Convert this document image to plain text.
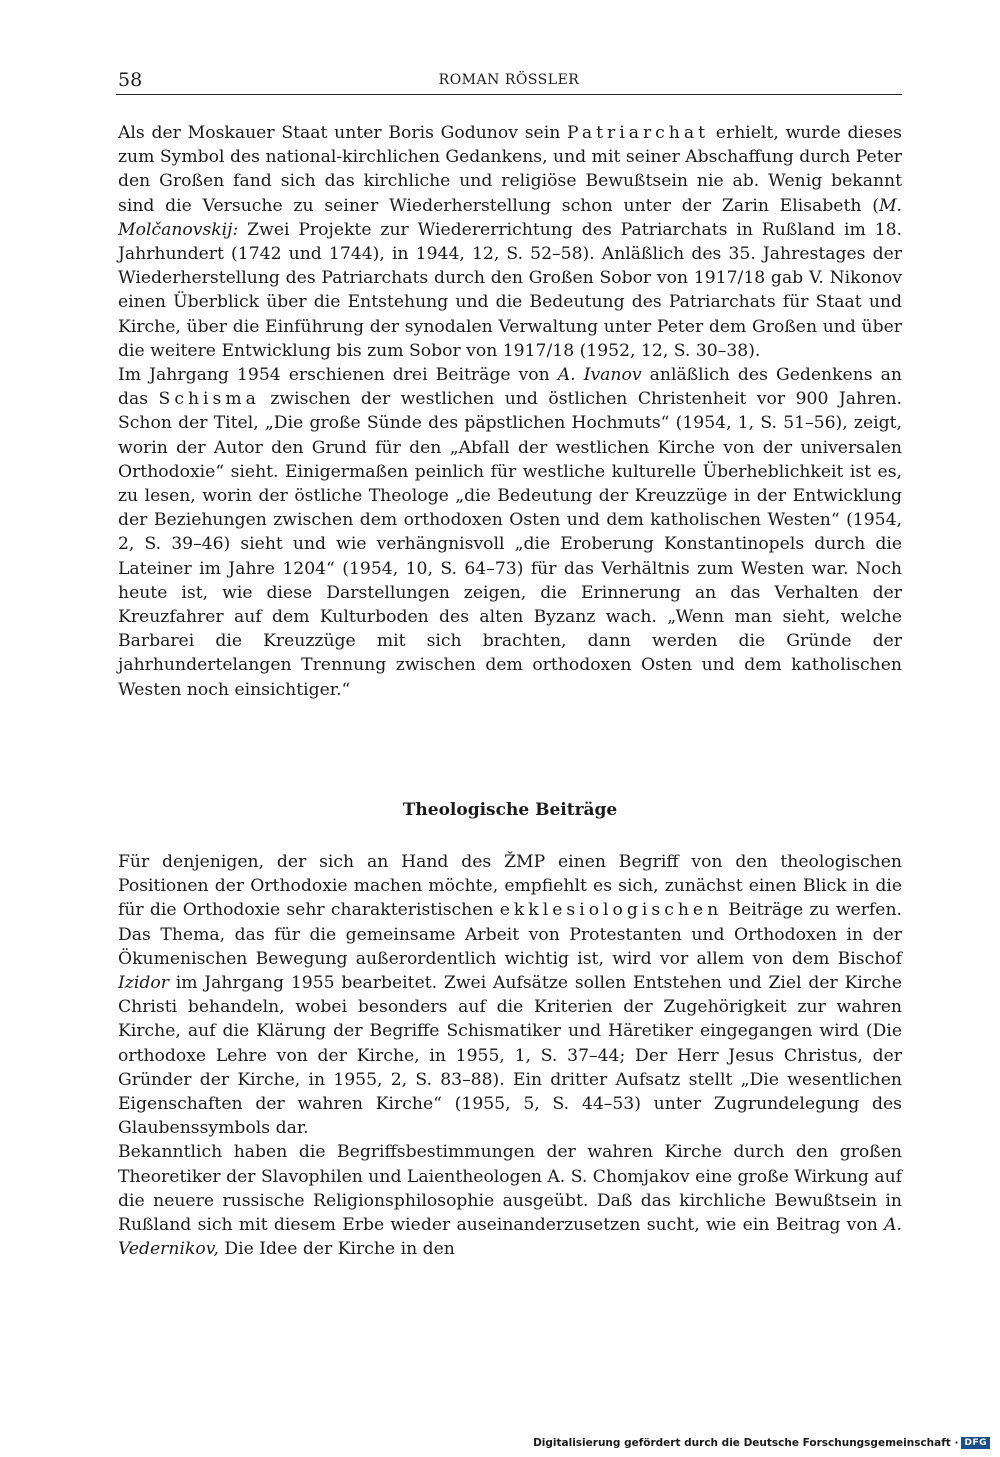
58	ROMAN RÖSSLER

Als der Moskauer Staat unter Boris Godunov sein Patriarchat erhielt, wurde dieses zum Symbol des national-kirchlichen Gedankens, und mit seiner Abschaffung durch Peter den Großen fand sich das kirchliche und religiöse Bewußtsein nie ab. Wenig bekannt sind die Versuche zu seiner Wiederherstellung schon unter der Zarin Elisabeth (M. Molčanovskij: Zwei Projekte zur Wiedererrichtung des Patriarchats in Rußland im 18. Jahrhundert (1742 und 1744), in 1944, 12, S. 52–58). Anläßlich des 35. Jahrestages der Wiederherstellung des Patriarchats durch den Großen Sobor von 1917/18 gab V. Nikonov einen Überblick über die Entstehung und die Bedeutung des Patriarchats für Staat und Kirche, über die Einführung der synodalen Verwaltung unter Peter dem Großen und über die weitere Entwicklung bis zum Sobor von 1917/18 (1952, 12, S. 30–38).

Im Jahrgang 1954 erschienen drei Beiträge von A. Ivanov anläßlich des Gedenkens an das Schisma zwischen der westlichen und östlichen Christenheit vor 900 Jahren. Schon der Titel, „Die große Sünde des päpstlichen Hochmuts“ (1954, 1, S. 51–56), zeigt, worin der Autor den Grund für den „Abfall der westlichen Kirche von der universalen Orthodoxie“ sieht. Einigermaßen peinlich für westliche kulturelle Überheblichkeit ist es, zu lesen, worin der östliche Theologe „die Bedeutung der Kreuzzüge in der Entwicklung der Beziehungen zwischen dem orthodoxen Osten und dem katholischen Westen“ (1954, 2, S. 39–46) sieht und wie verhängnisvoll „die Eroberung Konstantinopels durch die Lateiner im Jahre 1204“ (1954, 10, S. 64–73) für das Verhältnis zum Westen war. Noch heute ist, wie diese Darstellungen zeigen, die Erinnerung an das Verhalten der Kreuzfahrer auf dem Kulturboden des alten Byzanz wach. „Wenn man sieht, welche Barbarei die Kreuzzüge mit sich brachten, dann werden die Gründe der jahrhundertelangen Trennung zwischen dem orthodoxen Osten und dem katholischen Westen noch einsichtiger.“

Theologische Beiträge

Für denjenigen, der sich an Hand des ŽMP einen Begriff von den theologischen Positionen der Orthodoxie machen möchte, empfiehlt es sich, zunächst einen Blick in die für die Orthodoxie sehr charakteristischen ekklesiologischen Beiträge zu werfen. Das Thema, das für die gemeinsame Arbeit von Protestanten und Orthodoxen in der Ökumenischen Bewegung außerordentlich wichtig ist, wird vor allem von dem Bischof Izidor im Jahrgang 1955 bearbeitet. Zwei Aufsätze sollen Entstehen und Ziel der Kirche Christi behandeln, wobei besonders auf die Kriterien der Zugehörigkeit zur wahren Kirche, auf die Klärung der Begriffe Schismatiker und Häretiker eingegangen wird (Die orthodoxe Lehre von der Kirche, in 1955, 1, S. 37–44; Der Herr Jesus Christus, der Gründer der Kirche, in 1955, 2, S. 83–88). Ein dritter Aufsatz stellt „Die wesentlichen Eigenschaften der wahren Kirche“ (1955, 5, S. 44–53) unter Zugrundelegung des Glaubenssymbols dar.

Bekanntlich haben die Begriffsbestimmungen der wahren Kirche durch den großen Theoretiker der Slavophilen und Laientheologen A. S. Chomjakov eine große Wirkung auf die neuere russische Religionsphilosophie ausgeübt. Daß das kirchliche Bewußtsein in Rußland sich mit diesem Erbe wieder auseinanderzusetzen sucht, wie ein Beitrag von A. Vedernikov, Die Idee der Kirche in den

Digitalisierung gefördert durch die Deutsche Forschungsgemeinschaft · DFG
